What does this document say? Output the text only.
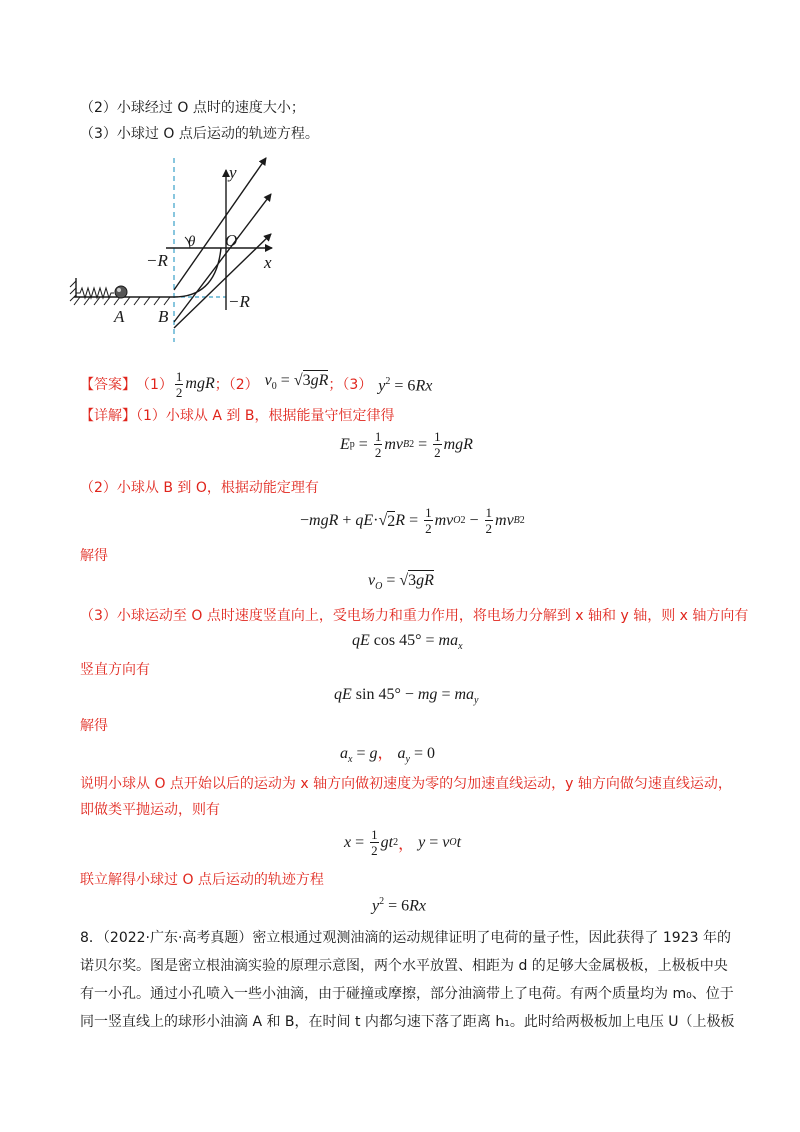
（2）小球经过 O 点时的速度大小；
（3）小球过 O 点后运动的轨迹方程。
y
x
θ O
−R
−R
A B
【答案】 $(1) \frac{1}{2}$ mgR ；（2） $v_0 = √3gR$ ；（3） $y^2 = 6Rx$
【详解】（1）小球从 A 到 B，根据能量守恒定律得
E p
=
$\frac{1}{2}$ mv B 2
=
$\frac{1}{2}$ mgR
（2）小球从 B 到 O，根据动能定理有
− mgR + qE · √ 2 R =
$\frac{1}{2}$ mv O 2
−
$\frac{1}{2}$ mv B 2
解得
$v_O = √3gR$
（3）小球运动至 O 点时速度竖直向上，受电场力和重力作用，将电场力分解到 x 轴和 y 轴，则 x 轴方向有
qE $\cos 45^\circ = ma_x$
竖直方向有
qE sin 45° − mg = $ma_y$
解得
$a_x = g$， $a_y = 0$
说明小球从 O 点开始以后的运动为 x 轴方向做初速度为零的匀加速直线运动，y 轴方向做匀速直线运动，
即做类平抛运动，则有
$x = \frac{1}{2}$ gt 2 ， y = v O t
联立解得小球过 O 点后运动的轨迹方程
$y^2 = 6Rx$
8．（2022·广东·高考真题）密立根通过观测油滴的运动规律证明了电荷的量子性，因此获得了 1923 年的
诺贝尔奖。图是密立根油滴实验的原理示意图，两个水平放置、相距为 d 的足够大金属极板，上极板中央
有一小孔。通过小孔喷入一些小油滴，由于碰撞或摩擦，部分油滴带上了电荷。有两个质量均为 m₀、位于
同一竖直线上的球形小油滴 A 和 B，在时间 t 内都匀速下落了距离 h₁。此时给两极板加上电压 U（上极板
